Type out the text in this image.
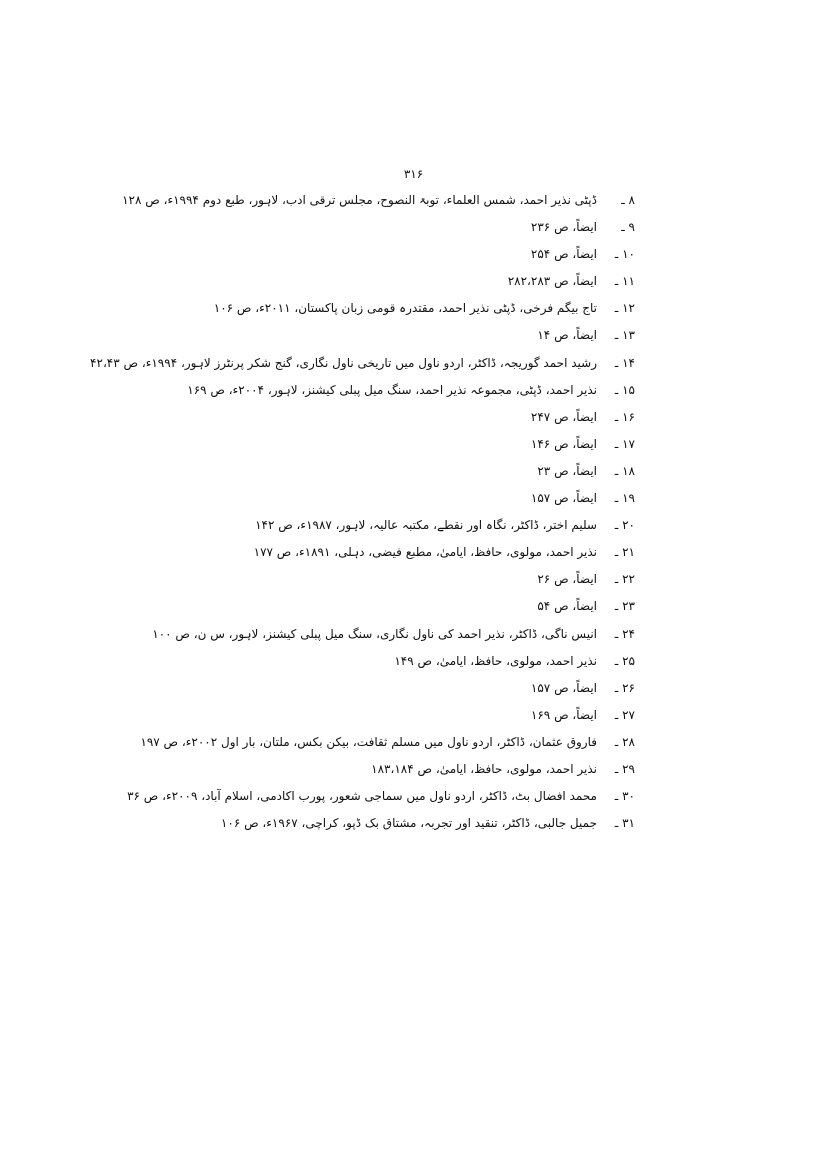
۳۱۶
۸ ـ
ڈپٹی نذیر احمد، شمس العلماء، توبۃ النصوح، مجلس ترقی ادب، لاہور، طبع دوم ۱۹۹۴ء، ص ۱۲۸
۹ ـ
ایضاً، ص ۲۳۶
۱۰ ـ
ایضاً، ص ۲۵۴
۱۱ ـ
ایضاً، ص ۲۸۲،۲۸۳
۱۲ ـ
تاج بیگم فرخی، ڈپٹی نذیر احمد، مقتدرہ قومی زبان پاکستان، ۲۰۱۱ء، ص ۱۰۶
۱۳ ـ
ایضاً، ص ۱۴
۱۴ ـ
رشید احمد گوریجہ، ڈاکٹر، اردو ناول میں تاریخی ناول نگاری، گنج شکر پرنٹرز لاہور، ۱۹۹۴ء، ص ۴۲،۴۳
۱۵ ـ
نذیر احمد، ڈپٹی، مجموعہ نذیر احمد، سنگ میل پبلی کیشنز، لاہور، ۲۰۰۴ء، ص ۱۶۹
۱۶ ـ
ایضاً، ص ۲۴۷
۱۷ ـ
ایضاً، ص ۱۴۶
۱۸ ـ
ایضاً، ص ۲۳
۱۹ ـ
ایضاً، ص ۱۵۷
۲۰ ـ
سلیم اختر، ڈاکٹر، نگاہ اور نقطے، مکتبہ عالیہ، لاہور، ۱۹۸۷ء، ص ۱۴۲
۲۱ ـ
نذیر احمد، مولوی، حافظ، ایامیٰ، مطبع فیضی، دہلی، ۱۸۹۱ء، ص ۱۷۷
۲۲ ـ
ایضاً، ص ۲۶
۲۳ ـ
ایضاً، ص ۵۴
۲۴ ـ
انیس ناگی، ڈاکٹر، نذیر احمد کی ناول نگاری، سنگ میل پبلی کیشنز، لاہور، س ن، ص ۱۰۰
۲۵ ـ
نذیر احمد، مولوی، حافظ، ایامیٰ، ص ۱۴۹
۲۶ ـ
ایضاً، ص ۱۵۷
۲۷ ـ
ایضاً، ص ۱۶۹
۲۸ ـ
فاروق عثمان، ڈاکٹر، اردو ناول میں مسلم ثقافت، بیکن بکس، ملتان، بار اول ۲۰۰۲ء، ص ۱۹۷
۲۹ ـ
نذیر احمد، مولوی، حافظ، ایامیٰ، ص ۱۸۳،۱۸۴
۳۰ ـ
محمد افضال بٹ، ڈاکٹر، اردو ناول میں سماجی شعور، پورب اکادمی، اسلام آباد، ۲۰۰۹ء، ص ۳۶
۳۱ ـ
جمیل جالبی، ڈاکٹر، تنقید اور تجربہ، مشتاق بک ڈپو، کراچی، ۱۹۶۷ء، ص ۱۰۶
